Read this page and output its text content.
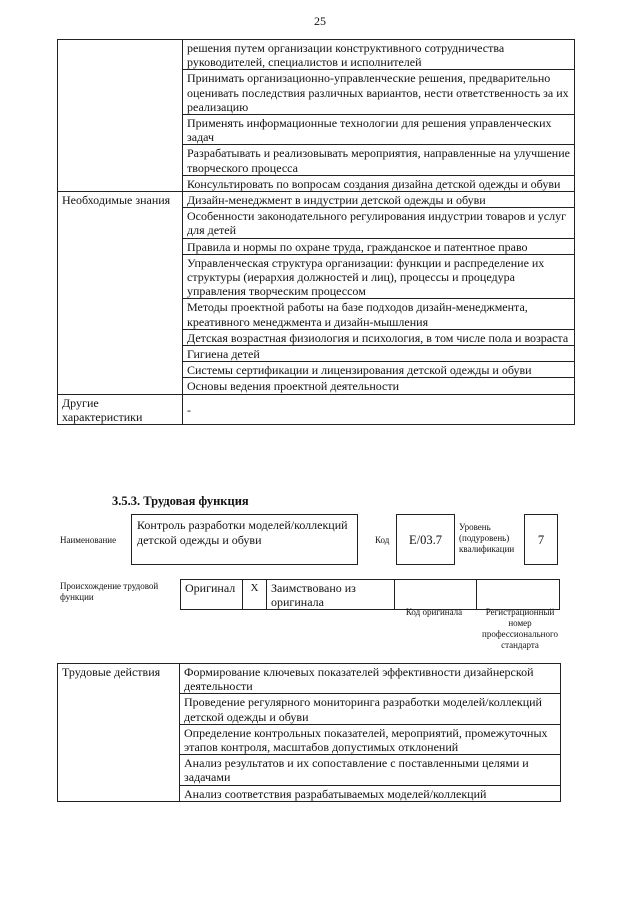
25
	решения путем организации конструктивного сотрудничества руководителей, специалистов и исполнителей
	Принимать организационно-управленческие решения, предварительно оценивать последствия различных вариантов, нести ответственность за их реализацию
	Применять информационные технологии для решения управленческих задач
	Разрабатывать и реализовывать мероприятия, направленные на улучшение творческого процесса
	Консультировать по вопросам создания дизайна детской одежды и обуви
Необходимые знания	Дизайн-менеджмент в индустрии детской одежды и обуви
	Особенности законодательного регулирования индустрии товаров и услуг для детей
	Правила и нормы по охране труда, гражданское и патентное право
	Управленческая структура организации: функции и распределение их структуры (иерархия должностей и лиц), процессы и процедура управления творческим процессом
	Методы проектной работы на базе подходов дизайн-менеджмента, креативного менеджмента и дизайн-мышления
	Детская возрастная физиология и психология, в том числе пола и возраста
	Гигиена детей
	Системы сертификации и лицензирования детской одежды и обуви
	Основы ведения проектной деятельности
Другие характеристики	-
3.5.3. Трудовая функция
Наименование
Контроль разработки моделей/коллекций детской одежды и обуви	Код	E/03.7
Уровень (подуровень) квалификации
7
Происхождение трудовой функции
Оригинал	X	Заимствовано из оригинала		
Код оригинала	Регистрационный номер профессионального стандарта
Трудовые действия	Формирование ключевых показателей эффективности дизайнерской деятельности
	Проведение регулярного мониторинга разработки моделей/коллекций детской одежды и обуви
	Определение контрольных показателей, мероприятий, промежуточных этапов контроля, масштабов допустимых отклонений
	Анализ результатов и их сопоставление с поставленными целями и задачами
	Анализ соответствия разрабатываемых моделей/коллекций
